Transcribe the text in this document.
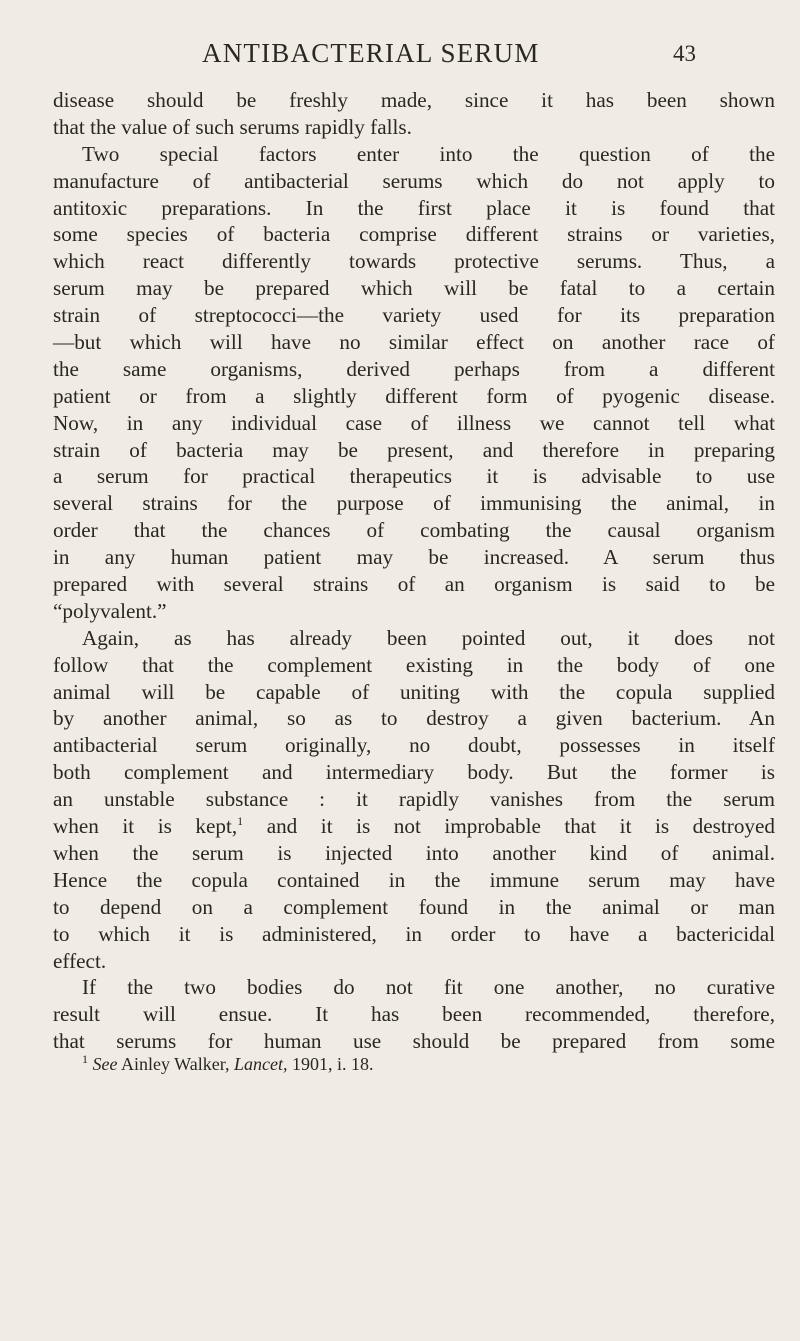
ANTIBACTERIAL SERUM	43
disease should be freshly made, since it has been shown
that the value of such serums rapidly falls.
Two special factors enter into the question of the
manufacture of antibacterial serums which do not apply to
antitoxic preparations. In the first place it is found that
some species of bacteria comprise different strains or varieties,
which react differently towards protective serums. Thus, a
serum may be prepared which will be fatal to a certain
strain of streptococci—the variety used for its preparation
—but which will have no similar effect on another race of
the same organisms, derived perhaps from a different
patient or from a slightly different form of pyogenic disease.
Now, in any individual case of illness we cannot tell what
strain of bacteria may be present, and therefore in preparing
a serum for practical therapeutics it is advisable to use
several strains for the purpose of immunising the animal, in
order that the chances of combating the causal organism
in any human patient may be increased. A serum thus
prepared with several strains of an organism is said to be
“polyvalent.”
Again, as has already been pointed out, it does not
follow that the complement existing in the body of one
animal will be capable of uniting with the copula supplied
by another animal, so as to destroy a given bacterium. An
antibacterial serum originally, no doubt, possesses in itself
both complement and intermediary body. But the former is
an unstable substance : it rapidly vanishes from the serum
when it is kept,$^1$ and it is not improbable that it is destroyed
when the serum is injected into another kind of animal.
Hence the copula contained in the immune serum may have
to depend on a complement found in the animal or man
to which it is administered, in order to have a bactericidal
effect.
If the two bodies do not fit one another, no curative
result will ensue. It has been recommended, therefore,
that serums for human use should be prepared from some
$^1$ See Ainley Walker, Lancet, 1901, i. 18.
